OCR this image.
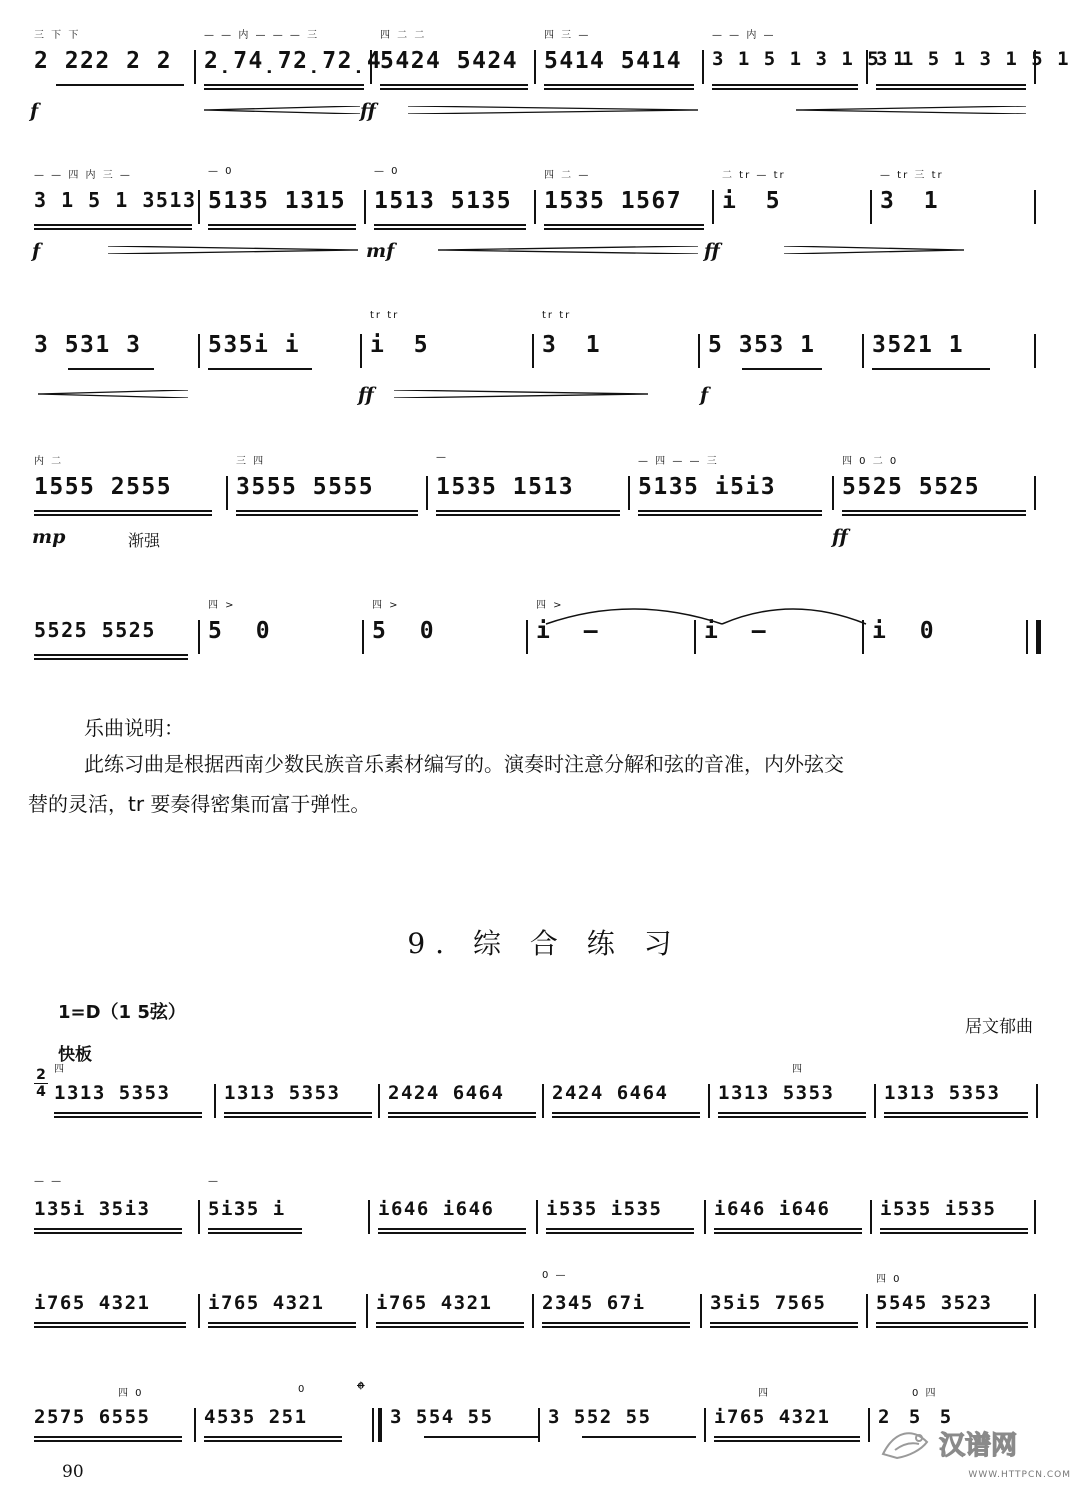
三 下 下
2 222 2 2
— — 内 — — — 三
2̣74̣72̣72̣4
四 二 二
5424 5424
四 三 —
5414 5414
— — 内 —
3 1 5 1 3 1 5 1
3 1 5 1 3 1 5 1
f	ff
— — 四 内 三 —
3 1 5 1 3513
— 0
5135 1315
— 0
1513 5135
四 二 —
1535 1567
二 tr — tr
i 5
— tr 三 tr
3 1
f	mf	ff
3 531 3	535i i
tr tr
i 5
tr tr
3 1	5 353 1 3521 1
ff	f
内 二
1555 2555
三 四
3555 5555
—
1535 1513
— 四 — — 三
5135 i5i3
四 0 二 0
5525 5525
mp	渐强	ff
5525 5525
四 >
5 0
四 >
5 0
四 >
i –	i –	i 0
乐曲说明：
此练习曲是根据西南少数民族音乐素材编写的。演奏时注意分解和弦的音准，内外弦交
替的灵活，tr 要奏得密集而富于弹性。
9. 综 合 练 习
1=D（1 5弦）
居文郁曲
快板
2
4
四
1313 5353	1313 5353	2424 6464	2424 6464
四
1313 5353	1313 5353
— —
135i 35i3
—
5i35 i	i646 i646	i535 i535	i646 i646	i535 i535
i765 4321	i765 4321	i765 4321
0 —
2345 67i	35i5 7565
四 0
5545 3523
𝄌
四 0
2575 6555
0
4535 251	3 554 55	3 552 55
四
i765 4321
0 四
2 5 5
90
汉谱网
WWW.HTTPCN.COM
